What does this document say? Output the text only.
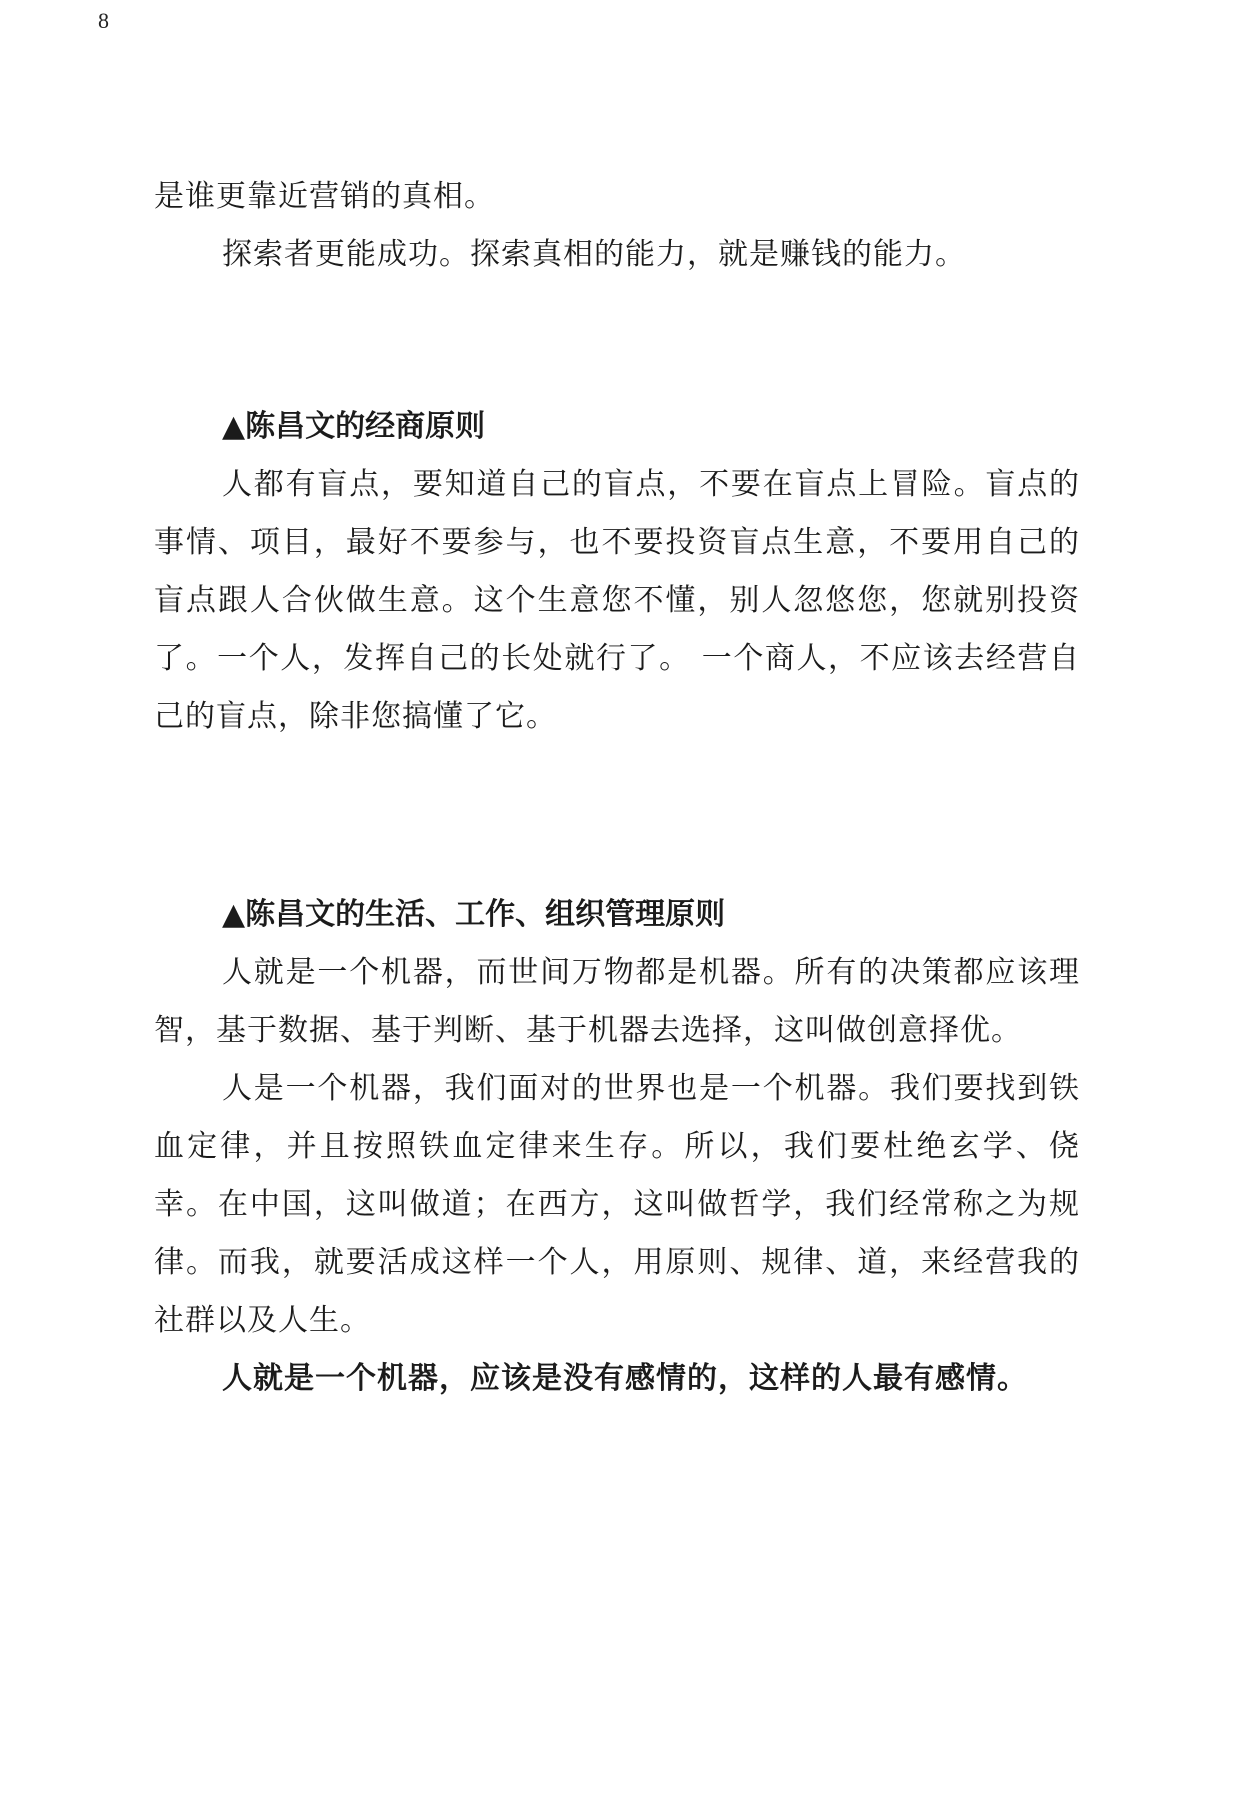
8

是谁更靠近营销的真相。

探索者更能成功。探索真相的能力，就是赚钱的能力。

▲陈昌文的经商原则

人都有盲点，要知道自己的盲点，不要在盲点上冒险。盲点的事情、项目，最好不要参与，也不要投资盲点生意，不要用自己的盲点跟人合伙做生意。这个生意您不懂，别人忽悠您，您就别投资了。一个人，发挥自己的长处就行了。 一个商人，不应该去经营自己的盲点，除非您搞懂了它。

▲陈昌文的生活、工作、组织管理原则

人就是一个机器，而世间万物都是机器。所有的决策都应该理智，基于数据、基于判断、基于机器去选择，这叫做创意择优。

人是一个机器，我们面对的世界也是一个机器。我们要找到铁血定律，并且按照铁血定律来生存。所以，我们要杜绝玄学、侥幸。在中国，这叫做道；在西方，这叫做哲学，我们经常称之为规律。而我，就要活成这样一个人，用原则、规律、道，来经营我的社群以及人生。

人就是一个机器，应该是没有感情的，这样的人最有感情。
